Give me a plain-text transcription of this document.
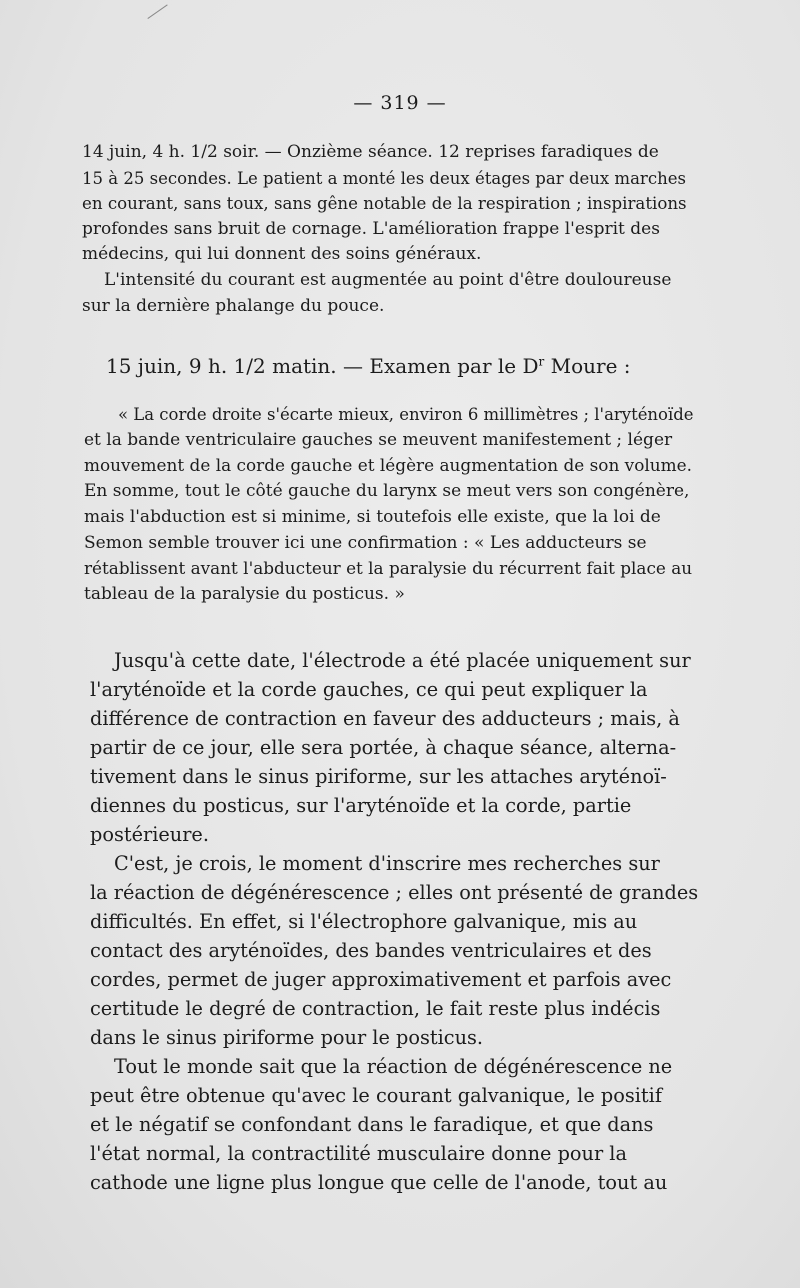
— 319 —
14 juin, 4 h. 1/2 soir. — Onzième séance. 12 reprises faradiques de
15 à 25 secondes. Le patient a monté les deux étages par deux marches
en courant, sans toux, sans gêne notable de la respiration ; inspirations
profondes sans bruit de cornage. L'amélioration frappe l'esprit des
médecins, qui lui donnent des soins généraux.
L'intensité du courant est augmentée au point d'être douloureuse
sur la dernière phalange du pouce.
15 juin, 9 h. 1/2 matin. — Examen par le $D^r$ Moure :
« La corde droite s'écarte mieux, environ 6 millimètres ; l'aryténoïde
et la bande ventriculaire gauches se meuvent manifestement ; léger
mouvement de la corde gauche et légère augmentation de son volume.
En somme, tout le côté gauche du larynx se meut vers son congénère,
mais l'abduction est si minime, si toutefois elle existe, que la loi de
Semon semble trouver ici une confirmation : « Les adducteurs se
rétablissent avant l'abducteur et la paralysie du récurrent fait place au
tableau de la paralysie du posticus. »
Jusqu'à cette date, l'électrode a été placée uniquement sur
l'aryténoïde et la corde gauches, ce qui peut expliquer la
différence de contraction en faveur des adducteurs ; mais, à
partir de ce jour, elle sera portée, à chaque séance, alterna-
tivement dans le sinus piriforme, sur les attaches aryténoï-
diennes du posticus, sur l'aryténoïde et la corde, partie
postérieure.
C'est, je crois, le moment d'inscrire mes recherches sur
la réaction de dégénérescence ; elles ont présenté de grandes
difficultés. En effet, si l'électrophore galvanique, mis au
contact des aryténoïdes, des bandes ventriculaires et des
cordes, permet de juger approximativement et parfois avec
certitude le degré de contraction, le fait reste plus indécis
dans le sinus piriforme pour le posticus.
Tout le monde sait que la réaction de dégénérescence ne
peut être obtenue qu'avec le courant galvanique, le positif
et le négatif se confondant dans le faradique, et que dans
l'état normal, la contractilité musculaire donne pour la
cathode une ligne plus longue que celle de l'anode, tout au
